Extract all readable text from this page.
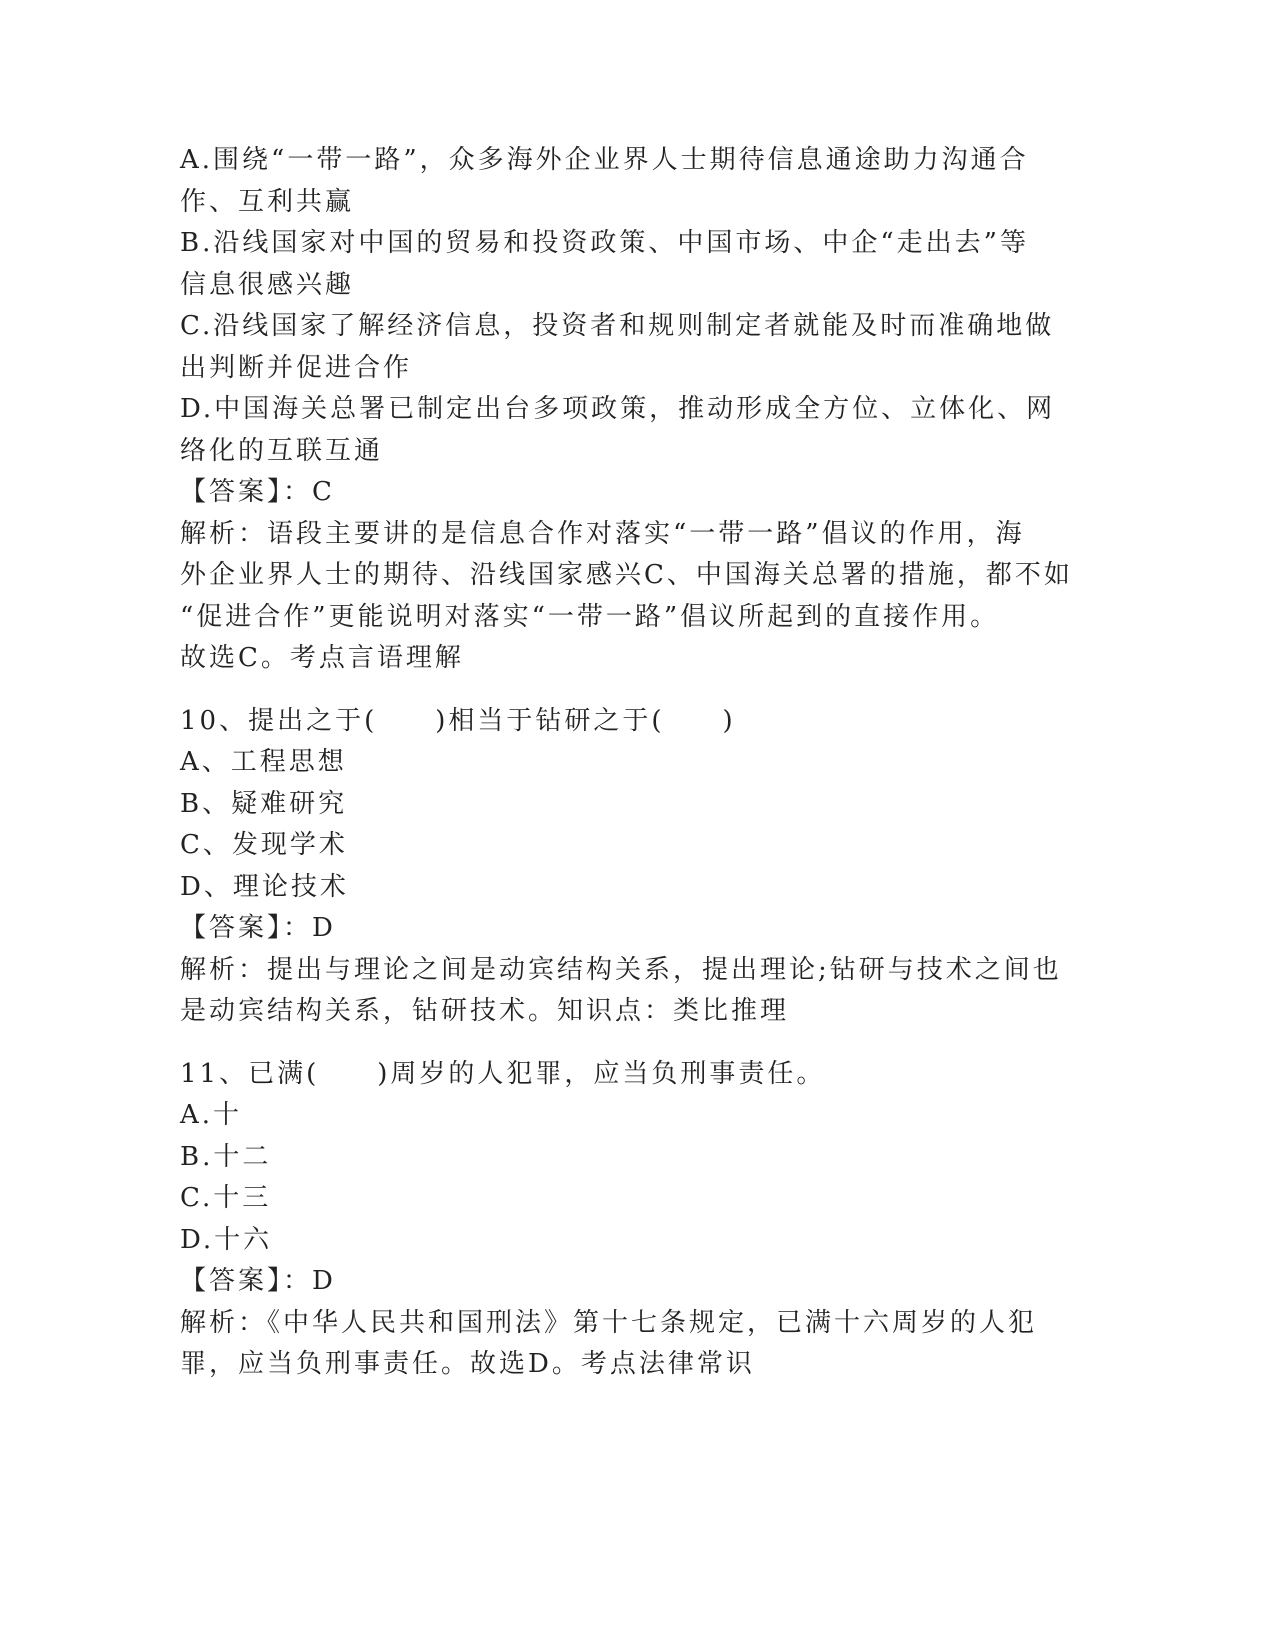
A.围绕“一带一路”，众多海外企业界人士期待信息通途助力沟通合
作、互利共赢
B.沿线国家对中国的贸易和投资政策、中国市场、中企“走出去”等
信息很感兴趣
C.沿线国家了解经济信息，投资者和规则制定者就能及时而准确地做
出判断并促进合作
D.中国海关总署已制定出台多项政策，推动形成全方位、立体化、网
络化的互联互通
【答案】：C
解析：语段主要讲的是信息合作对落实“一带一路”倡议的作用，海
外企业界人士的期待、沿线国家感兴C、中国海关总署的措施，都不如
“促进合作”更能说明对落实“一带一路”倡议所起到的直接作用。
故选C。考点言语理解
10、提出之于(　　)相当于钻研之于(　　)
A、工程思想
B、疑难研究
C、发现学术
D、理论技术
【答案】：D
解析：提出与理论之间是动宾结构关系，提出理论;钻研与技术之间也
是动宾结构关系，钻研技术。知识点：类比推理
11、已满(　　)周岁的人犯罪，应当负刑事责任。
A.十
B.十二
C.十三
D.十六
【答案】：D
解析：《中华人民共和国刑法》第十七条规定，已满十六周岁的人犯
罪，应当负刑事责任。故选D。考点法律常识
